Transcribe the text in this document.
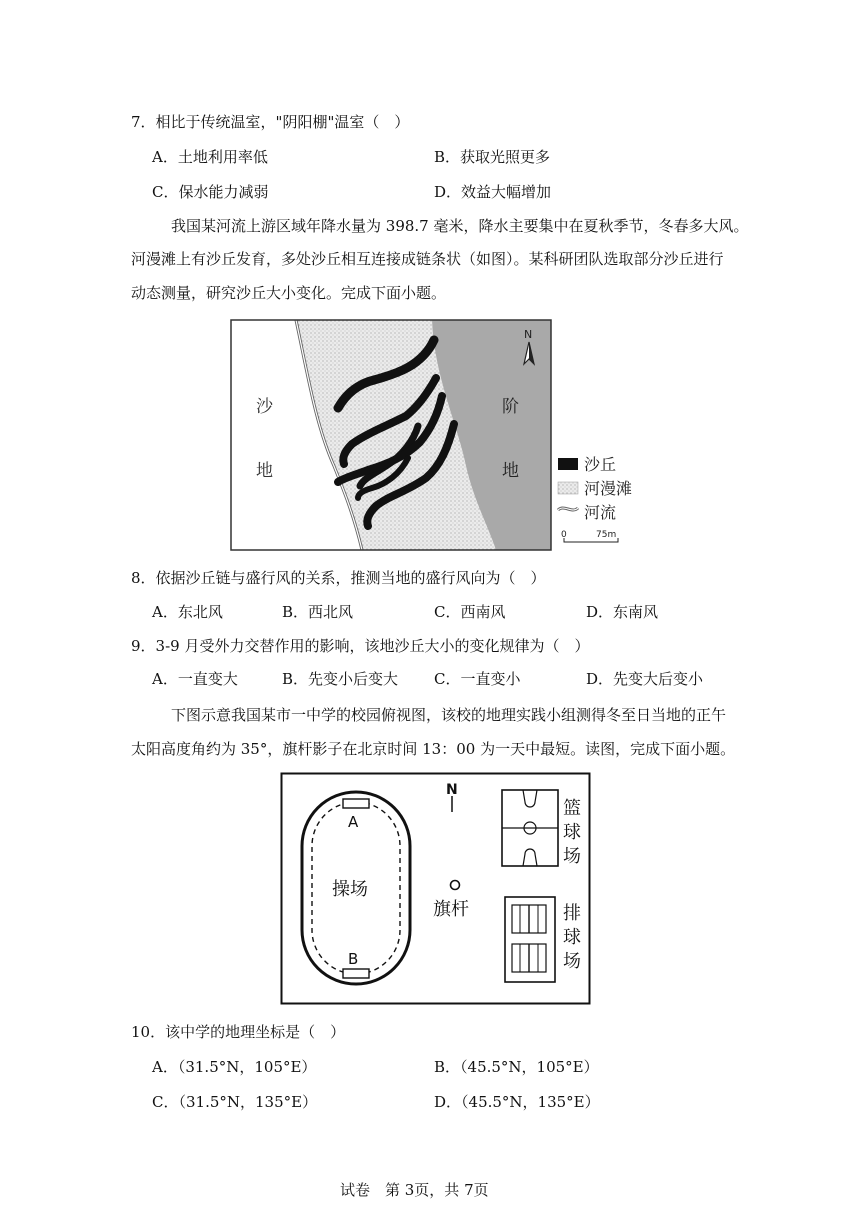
7．相比于传统温室，"阴阳棚"温室（　）
A．土地利用率低	B．获取光照更多
C．保水能力减弱	D．效益大幅增加
我国某河流上游区域年降水量为 398.7 毫米，降水主要集中在夏秋季节，冬春多大风。
河漫滩上有沙丘发育，多处沙丘相互连接成链条状（如图）。某科研团队选取部分沙丘进行
动态测量，研究沙丘大小变化。完成下面小题。
沙
地
阶
地
N
沙丘
河漫滩
河流
0	75m
8．依据沙丘链与盛行风的关系，推测当地的盛行风向为（　）
A．东北风	B．西北风	C．西南风	D．东南风
9．3-9 月受外力交替作用的影响，该地沙丘大小的变化规律为（　）
A．一直变大	B．先变小后变大 C．一直变小	D．先变大后变小
下图示意我国某市一中学的校园俯视图，该校的地理实践小组测得冬至日当地的正午
太阳高度角约为 35°，旗杆影子在北京时间 13：00 为一天中最短。读图，完成下面小题。
A
B
操场
N
旗杆
篮
球
场
排
球
场
10．该中学的地理坐标是（　）
A．（31.5°N，105°E）	B．（45.5°N，105°E）
C．（31.5°N，135°E）	D．（45.5°N，135°E）
试卷　第 3页，共 7页
